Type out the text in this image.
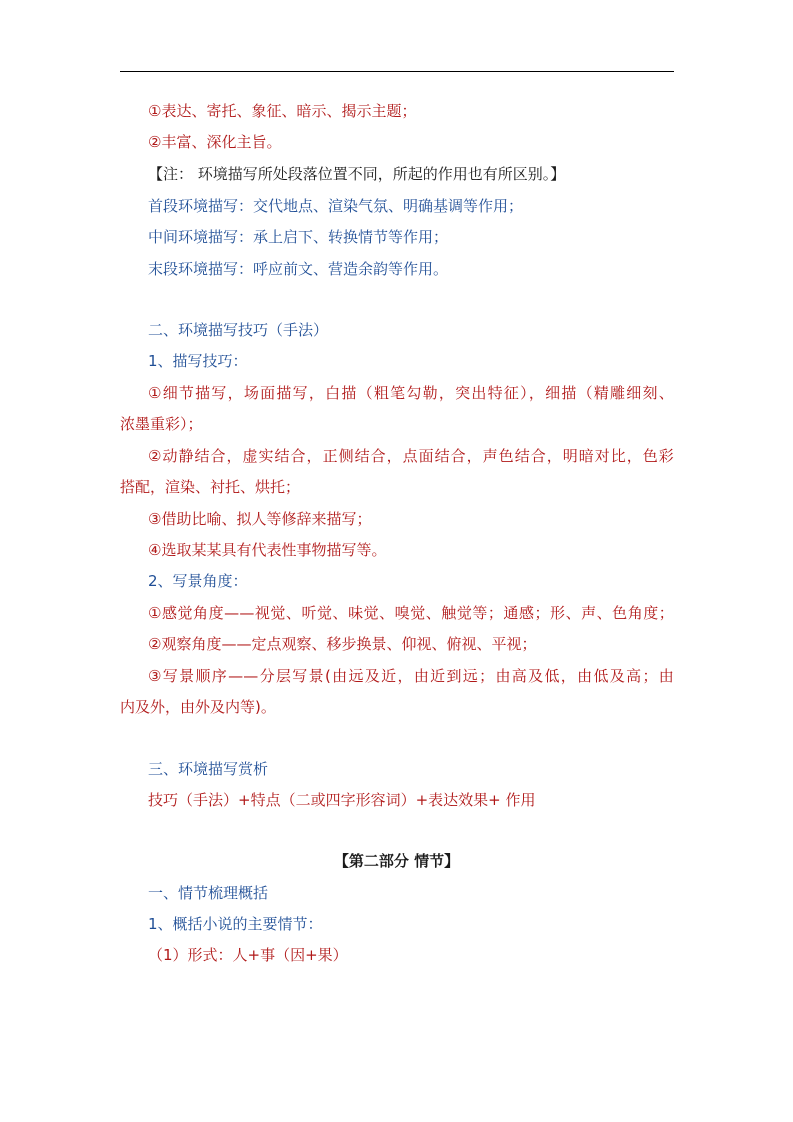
①表达、寄托、象征、暗示、揭示主题；
②丰富、深化主旨。
【注： 环境描写所处段落位置不同，所起的作用也有所区别。】
首段环境描写：交代地点、渲染气氛、明确基调等作用；
中间环境描写：承上启下、转换情节等作用；
末段环境描写：呼应前文、营造余韵等作用。
二、环境描写技巧（手法）
1、描写技巧：
①细节描写，场面描写，白描（粗笔勾勒，突出特征），细描（精雕细刻、
浓墨重彩）；
②动静结合，虚实结合，正侧结合，点面结合，声色结合，明暗对比，色彩
搭配，渲染、衬托、烘托；
③借助比喻、拟人等修辞来描写；
④选取某某具有代表性事物描写等。
2、写景角度：
①感觉角度——视觉、听觉、味觉、嗅觉、触觉等；通感；形、声、色角度；
②观察角度——定点观察、移步换景、仰视、俯视、平视；
③写景顺序——分层写景(由远及近，由近到远；由高及低，由低及高；由
内及外，由外及内等)。
三、环境描写赏析
技巧（手法）+特点（二或四字形容词）+表达效果+ 作用
【第二部分 情节】
一、情节梳理概括
1、概括小说的主要情节：
（1）形式：人+事（因+果）
